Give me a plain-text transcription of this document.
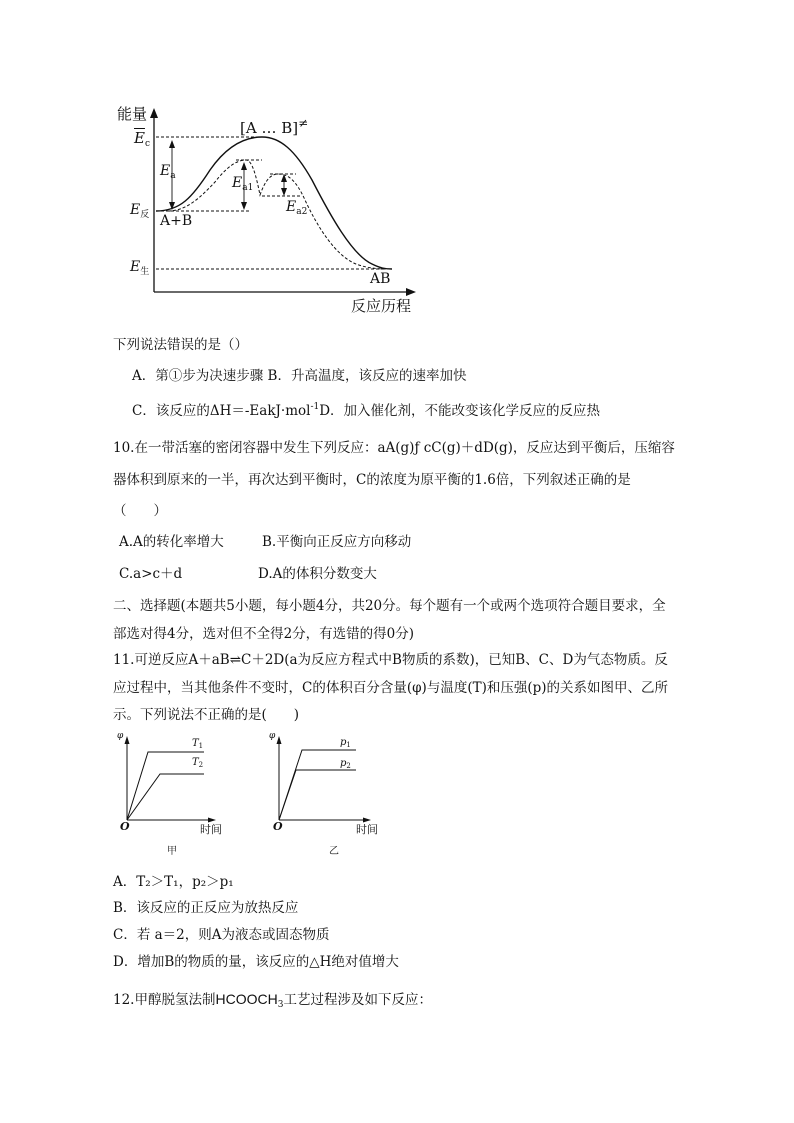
能量
反应历程
[A … B]≠
$\overline{E}_c$
$E_a$	$E_{a1}$
$E_{a2}$
$E_反$
$E_生$
A+B
AB
下列说法错误的是（）
A．第①步为决速步骤 B．升高温度，该反应的速率加快
C．该反应的ΔH＝-EakJ·mol$^{-1}$D．加入催化剂，不能改变该化学反应的反应热
10.在一带活塞的密闭容器中发生下列反应：aA(g)ƒ cC(g)＋dD(g)，反应达到平衡后，压缩容
器体积到原来的一半，再次达到平衡时，C的浓度为原平衡的1.6倍，下列叙述正确的是
（　　）
A.A的转化率增大	B.平衡向正反应方向移动
C.a>c＋d	D.A的体积分数变大
二、选择题(本题共5小题，每小题4分，共20分。每个题有一个或两个选项符合题目要求，全
部选对得4分，选对但不全得2分，有选错的得0分)
11.可逆反应A＋aB⇌C＋2D(a为反应方程式中B物质的系数)，已知B、C、D为气态物质。反
应过程中，当其他条件不变时，C的体积百分含量(φ)与温度(T)和压强(p)的关系如图甲、乙所
示。下列说法不正确的是(　　)
φ
$T_1$
$T_2$
O	时间
甲
φ
$p_1$
$p_2$
O	时间
乙
A．T₂＞T₁，p₂＞p₁
B．该反应的正反应为放热反应
C．若 a＝2，则A为液态或固态物质
D．增加B的物质的量，该反应的△H绝对值增大
12.甲醇脱氢法制$HCOOCH_3$工艺过程涉及如下反应：
